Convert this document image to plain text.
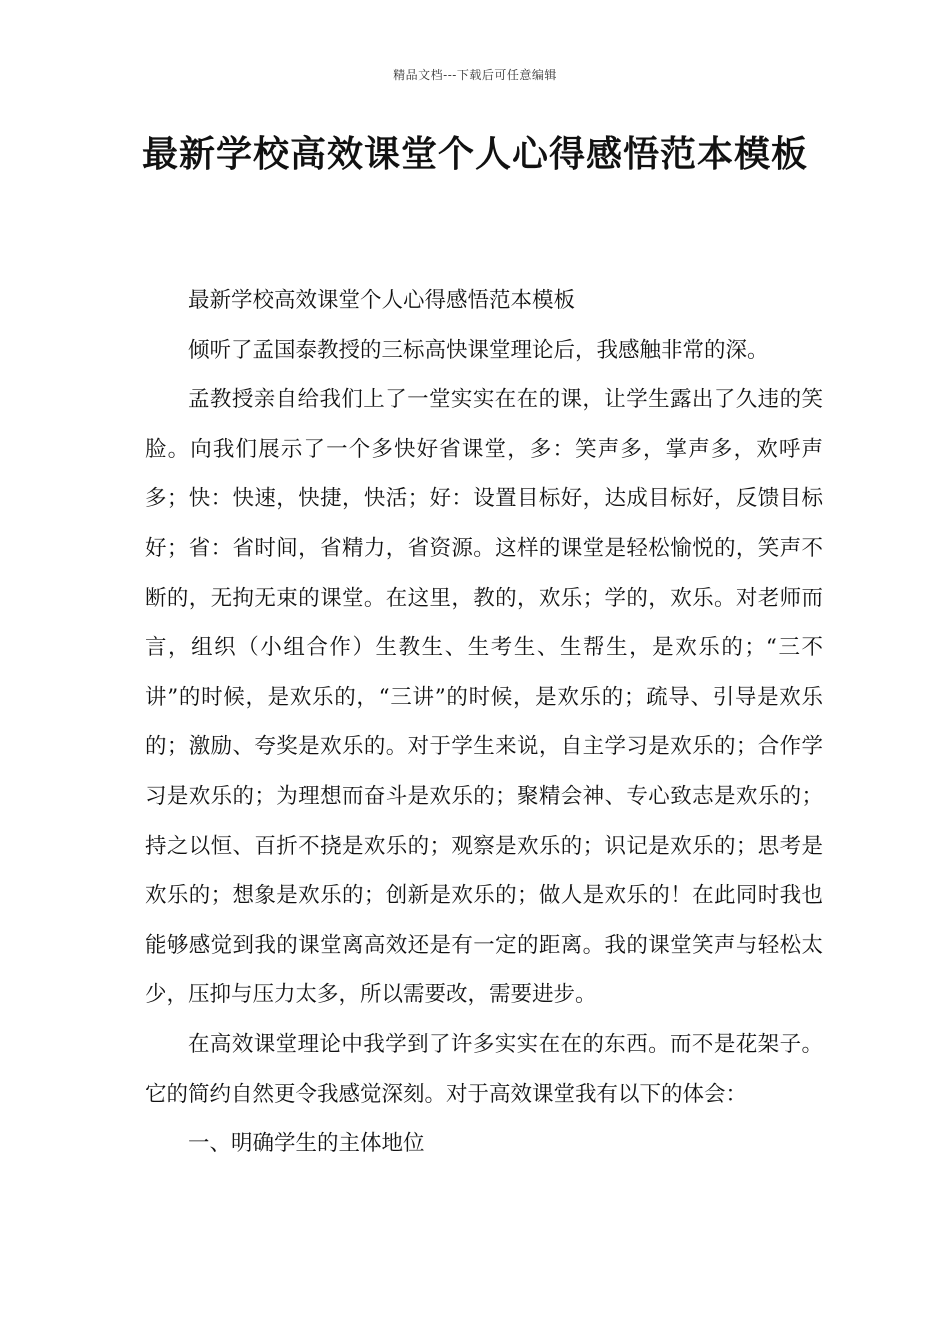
精品文档---下载后可任意编辑
最新学校高效课堂个人心得感悟范本模板

最新学校高效课堂个人心得感悟范本模板

倾听了孟国泰教授的三标高快课堂理论后，我感触非常的深。

孟教授亲自给我们上了一堂实实在在的课，让学生露出了久违的笑脸。向我们展示了一个多快好省课堂，多：笑声多，掌声多，欢呼声多；快：快速，快捷，快活；好：设置目标好，达成目标好，反馈目标好；省：省时间，省精力，省资源。这样的课堂是轻松愉悦的，笑声不断的，无拘无束的课堂。在这里，教的，欢乐；学的，欢乐。对老师而言，组织（小组合作）生教生、生考生、生帮生，是欢乐的；“三不讲”的时候，是欢乐的，“三讲”的时候，是欢乐的；疏导、引导是欢乐的；激励、夸奖是欢乐的。对于学生来说，自主学习是欢乐的；合作学习是欢乐的；为理想而奋斗是欢乐的；聚精会神、专心致志是欢乐的；持之以恒、百折不挠是欢乐的；观察是欢乐的；识记是欢乐的；思考是欢乐的；想象是欢乐的；创新是欢乐的；做人是欢乐的！在此同时我也能够感觉到我的课堂离高效还是有一定的距离。我的课堂笑声与轻松太少，压抑与压力太多，所以需要改，需要进步。

在高效课堂理论中我学到了许多实实在在的东西。而不是花架子。它的简约自然更令我感觉深刻。对于高效课堂我有以下的体会：

一、明确学生的主体地位
